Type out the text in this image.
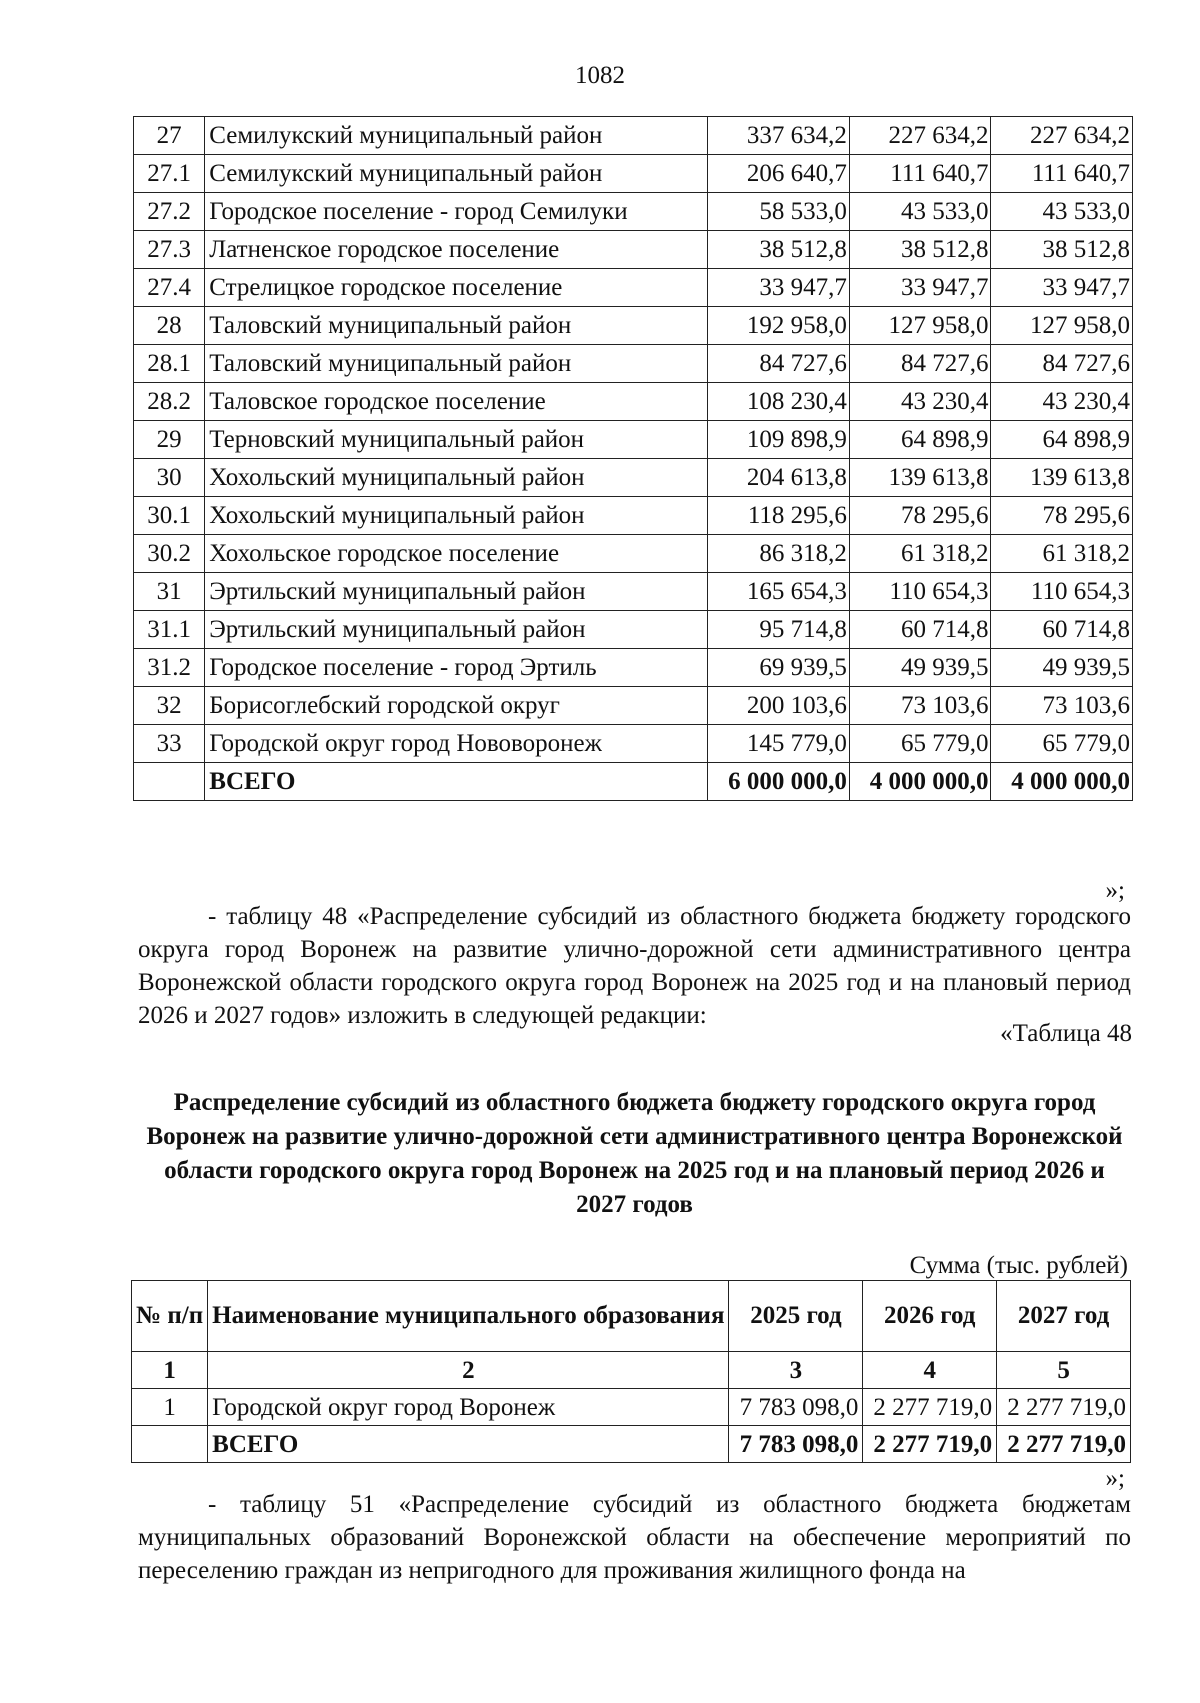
1082
27	Семилукский муниципальный район	337 634,2	227 634,2	227 634,2
27.1	Семилукский муниципальный район	206 640,7	111 640,7	111 640,7
27.2	Городское поселение - город Семилуки	58 533,0	43 533,0	43 533,0
27.3	Латненское городское поселение	38 512,8	38 512,8	38 512,8
27.4	Стрелицкое городское поселение	33 947,7	33 947,7	33 947,7
28	Таловский муниципальный район	192 958,0	127 958,0	127 958,0
28.1	Таловский муниципальный район	84 727,6	84 727,6	84 727,6
28.2	Таловское городское поселение	108 230,4	43 230,4	43 230,4
29	Терновский муниципальный район	109 898,9	64 898,9	64 898,9
30	Хохольский муниципальный район	204 613,8	139 613,8	139 613,8
30.1	Хохольский муниципальный район	118 295,6	78 295,6	78 295,6
30.2	Хохольское городское поселение	86 318,2	61 318,2	61 318,2
31	Эртильский муниципальный район	165 654,3	110 654,3	110 654,3
31.1	Эртильский муниципальный район	95 714,8	60 714,8	60 714,8
31.2	Городское поселение - город Эртиль	69 939,5	49 939,5	49 939,5
32	Борисоглебский городской округ	200 103,6	73 103,6	73 103,6
33	Городской округ город Нововоронеж	145 779,0	65 779,0	65 779,0
	ВСЕГО	6 000 000,0	4 000 000,0	4 000 000,0
»;
- таблицу 48 «Распределение субсидий из областного бюджета бюджету городского округа город Воронеж на развитие улично-дорожной сети административного центра Воронежской области городского округа город Воронеж на 2025 год и на плановый период 2026 и 2027 годов» изложить в следующей редакции:
«Таблица 48
Распределение субсидий из областного бюджета бюджету городского округа город Воронеж на развитие улично-дорожной сети административного центра Воронежской области городского округа город Воронеж на 2025 год и на плановый период 2026 и 2027 годов
Сумма (тыс. рублей)
№ п/п	Наименование муниципального образования	2025 год	2026 год	2027 год
1	2	3	4	5
1	Городской округ город Воронеж	7 783 098,0	2 277 719,0	2 277 719,0
	ВСЕГО	7 783 098,0	2 277 719,0	2 277 719,0
»;
- таблицу 51 «Распределение субсидий из областного бюджета бюджетам муниципальных образований Воронежской области на обеспечение мероприятий по переселению граждан из непригодного для проживания жилищного фонда на
